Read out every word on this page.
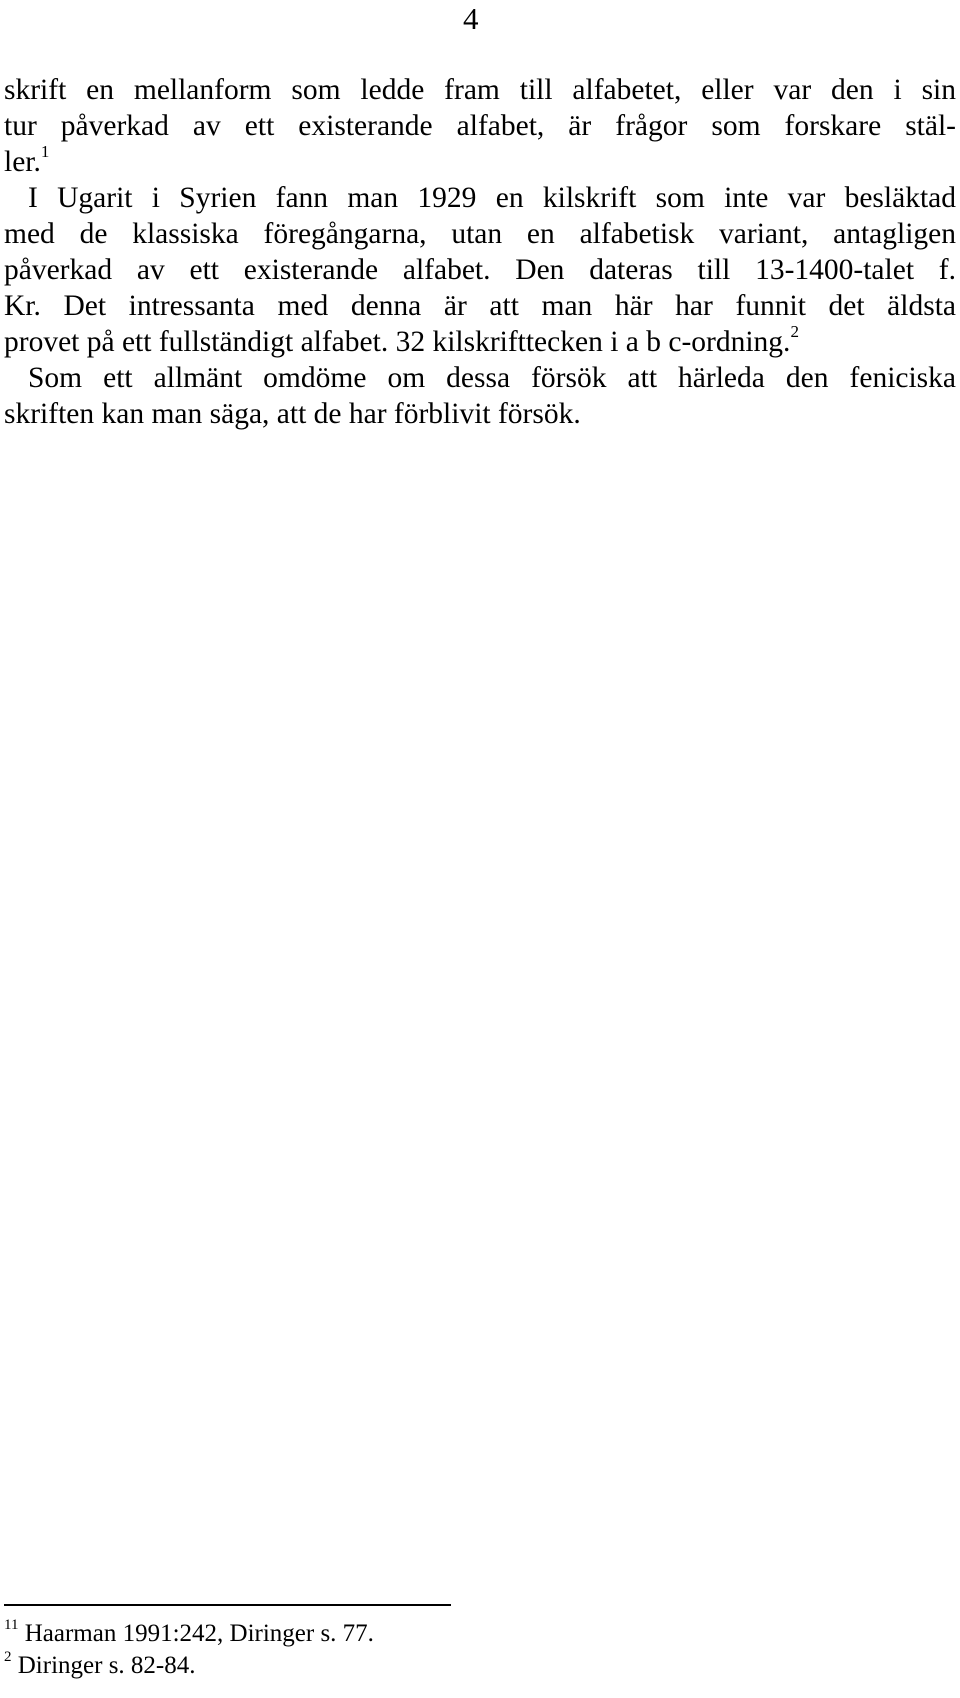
4
skrift en mellanform som ledde fram till alfabetet, eller var den i sin
tur påverkad av ett existerande alfabet, är frågor som forskare stäl-
ler.$^1$
I Ugarit i Syrien fann man 1929 en kilskrift som inte var besläktad
med de klassiska föregångarna, utan en alfabetisk variant, antagligen
påverkad av ett existerande alfabet. Den dateras till 13-1400-talet f.
Kr. Det intressanta med denna är att man här har funnit det äldsta
provet på ett fullständigt alfabet. 32 kilskrifttecken i a b c-ordning.$^2$
Som ett allmänt omdöme om dessa försök att härleda den feniciska
skriften kan man säga, att de har förblivit försök.
$^{11}$ Haarman 1991:242, Diringer s. 77.
$^2$ Diringer s. 82-84.
